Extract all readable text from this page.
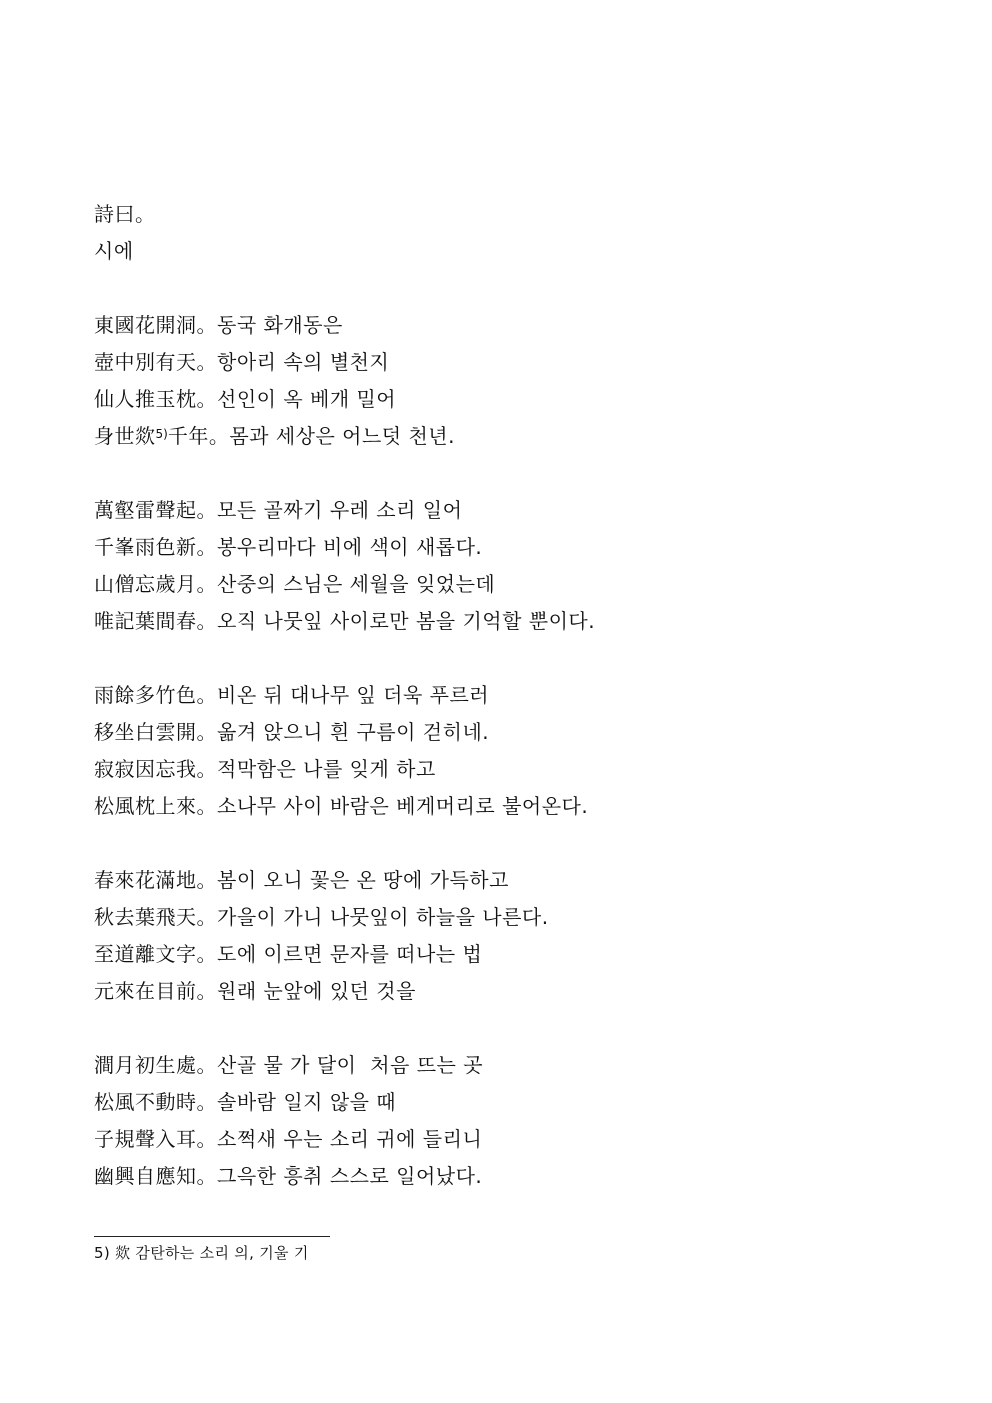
詩曰。
시에
東國花開洞。동국 화개동은
壺中別有天。항아리 속의 별천지
仙人推玉枕。선인이 옥 베개 밀어
身世欻$^{5)}$千年。몸과 세상은 어느덧 천년.
萬壑雷聲起。모든 골짜기 우레 소리 일어
千峯雨色新。봉우리마다 비에 색이 새롭다.
山僧忘歲月。산중의 스님은 세월을 잊었는데
唯記葉間春。오직 나뭇잎 사이로만 봄을 기억할 뿐이다.
雨餘多竹色。비온 뒤 대나무 잎 더욱 푸르러
移坐白雲開。옮겨 앉으니 흰 구름이 걷히네.
寂寂因忘我。적막함은 나를 잊게 하고
松風枕上來。소나무 사이 바람은 베게머리로 불어온다.
春來花滿地。봄이 오니 꽃은 온 땅에 가득하고
秋去葉飛天。가을이 가니 나뭇잎이 하늘을 나른다.
至道離文字。도에 이르면 문자를 떠나는 법
元來在目前。원래 눈앞에 있던 것을
澗月初生處。산골 물 가 달이  처음 뜨는 곳
松風不動時。솔바람 일지 않을 때
子規聲入耳。소쩍새 우는 소리 귀에 들리니
幽興自應知。그윽한 흥취 스스로 일어났다.
5) 欻 감탄하는 소리 의, 기울 기
